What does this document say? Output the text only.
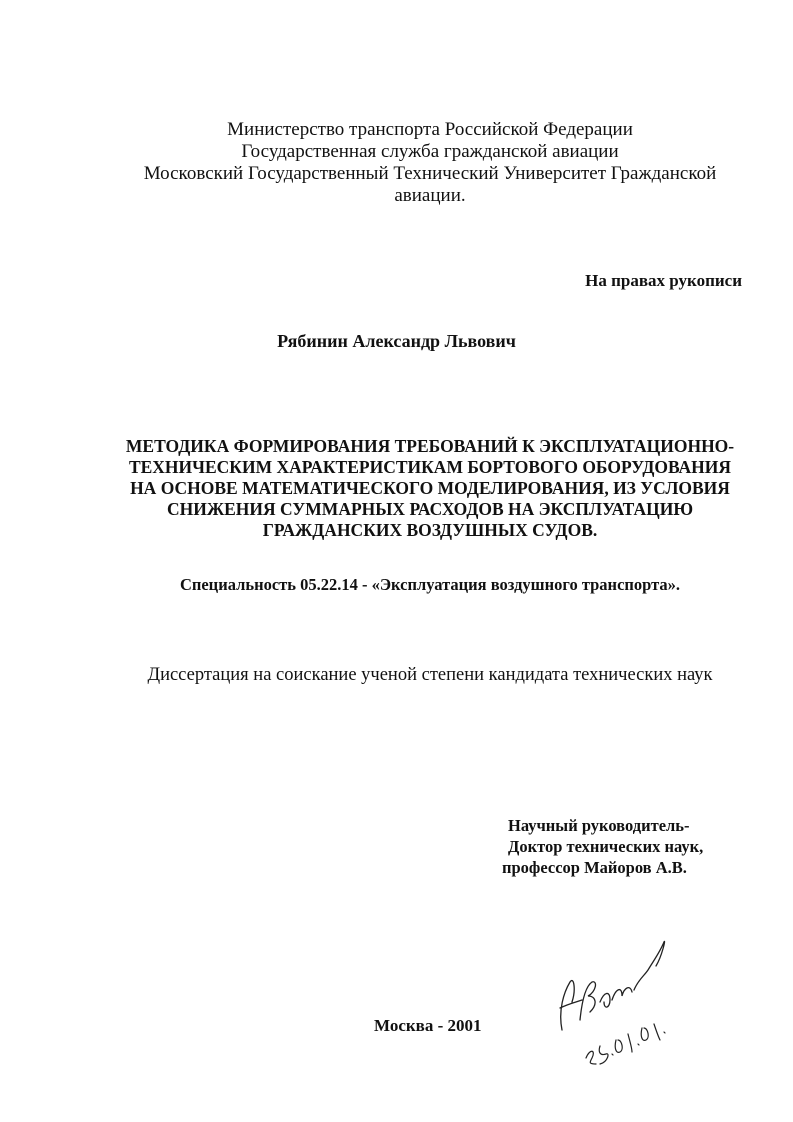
Министерство транспорта Российской Федерации
Государственная служба гражданской авиации
Московский Государственный Технический Университет Гражданской
авиации.
На правах рукописи
Рябинин Александр Львович
МЕТОДИКА ФОРМИРОВАНИЯ ТРЕБОВАНИЙ К ЭКСПЛУАТАЦИОННО-
ТЕХНИЧЕСКИМ ХАРАКТЕРИСТИКАМ БОРТОВОГО ОБОРУДОВАНИЯ
НА ОСНОВЕ МАТЕМАТИЧЕСКОГО МОДЕЛИРОВАНИЯ, ИЗ УСЛОВИЯ
СНИЖЕНИЯ СУММАРНЫХ РАСХОДОВ НА ЭКСПЛУАТАЦИЮ
ГРАЖДАНСКИХ ВОЗДУШНЫХ СУДОВ.
Специальность 05.22.14 - «Эксплуатация воздушного транспорта».
Диссертация на соискание ученой степени кандидата технических наук
Научный руководитель-
Доктор технических наук,
профессор Майоров А.В.
Москва - 2001
